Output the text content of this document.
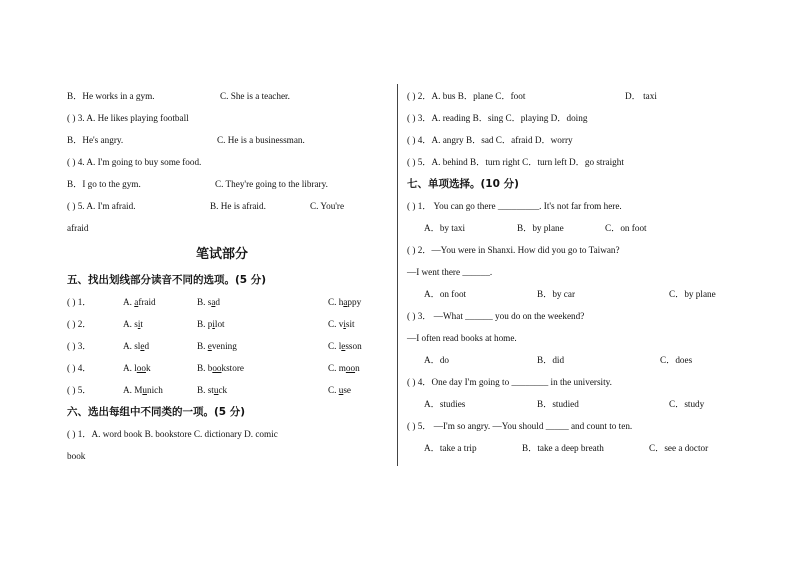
B．He works in a gym.	C. She is a teacher.
( ) 3. A. He likes playing football
B．He's angry.	C. He is a businessman.
( ) 4. A. I'm going to buy some food.
B．I go to the gym.	C. They're going to the library.
( ) 5. A. I'm afraid.	B. He is afraid.	C. You're
afraid
笔试部分
五、找出划线部分读音不同的选项。(5 分)
( ) 1．	A. afraid	B. sad	C. happy
( ) 2．	A. sit	B. pilot	C. visit
( ) 3．	A. sled	B. evening	C. lesson
( ) 4．	A. look	B. bookstore	C. moon
( ) 5．	A. Munich	B. stuck	C. use
六、选出每组中不同类的一项。(5 分)
( ) 1．A. word book B. bookstore C. dictionary D. comic
book
( ) 2．A. bus B．plane C．foot	D． taxi
( ) 3．A. reading B．sing C．playing D．doing
( ) 4．A. angry B．sad C．afraid D．worry
( ) 5．A. behind B．turn right C．turn left D．go straight
七、单项选择。(10 分)
( ) 1． You can go there _________. It's not far from here.
A．by taxi	B．by plane	C．on foot
( ) 2．—You were in Shanxi. How did you go to Taiwan?
—I went there ______.
A．on foot	B．by car	C．by plane
( ) 3． —What ______ you do on the weekend?
—I often read books at home.
A．do	B．did	C．does
( ) 4．One day I'm going to ________ in the university.
A．studies	B．studied	C．study
( ) 5． —I'm so angry. —You should _____ and count to ten.
A．take a trip	B．take a deep breath	C．see a doctor
